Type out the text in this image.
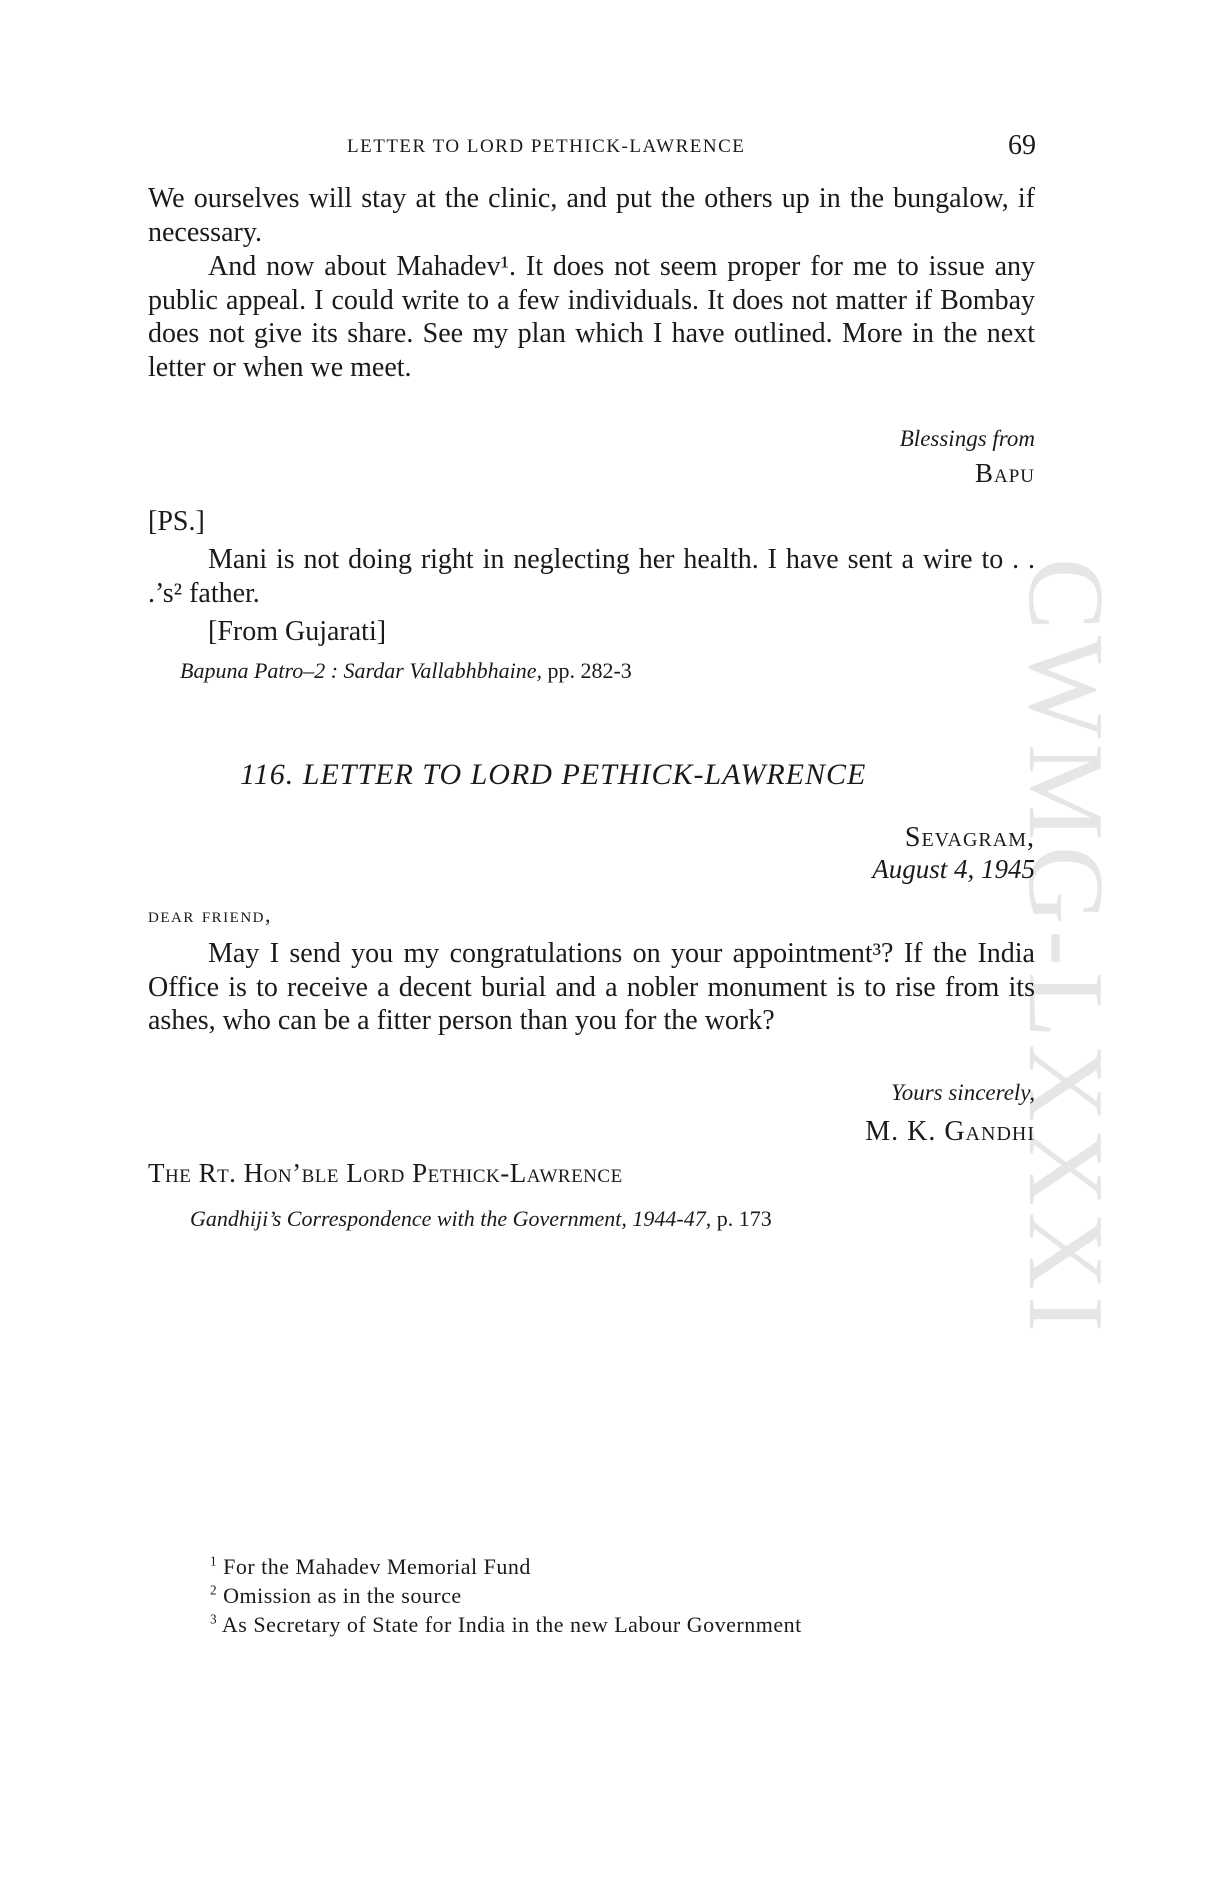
CWMG-LXXXI
LETTER TO LORD PETHICK-LAWRENCE	69
We ourselves will stay at the clinic, and put the others up in the bungalow, if necessary.
And now about Mahadev¹. It does not seem proper for me to issue any public appeal. I could write to a few individuals. It does not matter if Bombay does not give its share. See my plan which I have outlined. More in the next letter or when we meet.
Blessings from
Bapu
[PS.]
Mani is not doing right in neglecting her health. I have sent a wire to . . .’s² father.
[From Gujarati]
Bapuna Patro–2 : Sardar Vallabhbhaine, pp. 282-3
116. LETTER TO LORD PETHICK-LAWRENCE
Sevagram,
August 4, 1945
dear friend,
May I send you my congratulations on your appointment³? If the India Office is to receive a decent burial and a nobler monument is to rise from its ashes, who can be a fitter person than you for the work?
Yours sincerely,
M. K. Gandhi
The Rt. Hon’ble Lord Pethick-Lawrence
Gandhiji’s Correspondence with the Government, 1944-47, p. 173
$^1$ For the Mahadev Memorial Fund
$^2$ Omission as in the source
$^3$ As Secretary of State for India in the new Labour Government
